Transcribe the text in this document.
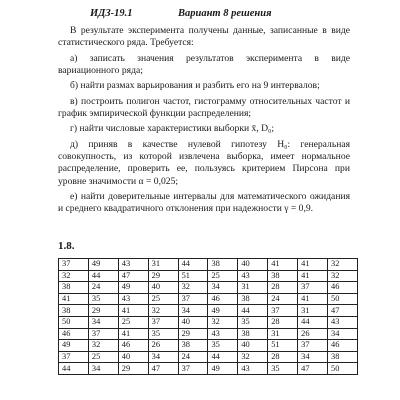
ИДЗ-19.1	Вариант 8 решения

В результате эксперимента получены данные, записанные в виде статистического ряда. Требуется:

а) записать значения результатов эксперимента в виде вариационного ряда;

б) найти размах варьирования и разбить его на 9 интервалов;

в) построить полигон частот, гистограмму относительных частот и график эмпирической функции распределения;

г) найти числовые характеристики выборки x̄, D₀;

д) приняв в качестве нулевой гипотезу H₀: генеральная совокупность, из которой извлечена выборка, имеет нормальное распределение, проверить ее, пользуясь критерием Пирсона при уровне значимости α = 0,025;

е) найти доверительные интервалы для математического ожидания и среднего квадратичного отклонения при надежности γ = 0,9.

1.8.
37	49	43	31	44	38	40	41	41	32
32	44	47	29	51	25	43	38	41	32
38	24	49	40	32	34	31	28	37	46
41	35	43	25	37	46	38	24	41	50
38	29	41	32	34	49	44	37	31	47
50	34	25	37	40	32	35	28	44	43
46	37	41	35	29	43	38	31	26	34
49	32	46	26	38	35	40	51	37	46
37	25	40	34	24	44	32	28	34	38
44	34	29	47	37	49	43	35	47	50
